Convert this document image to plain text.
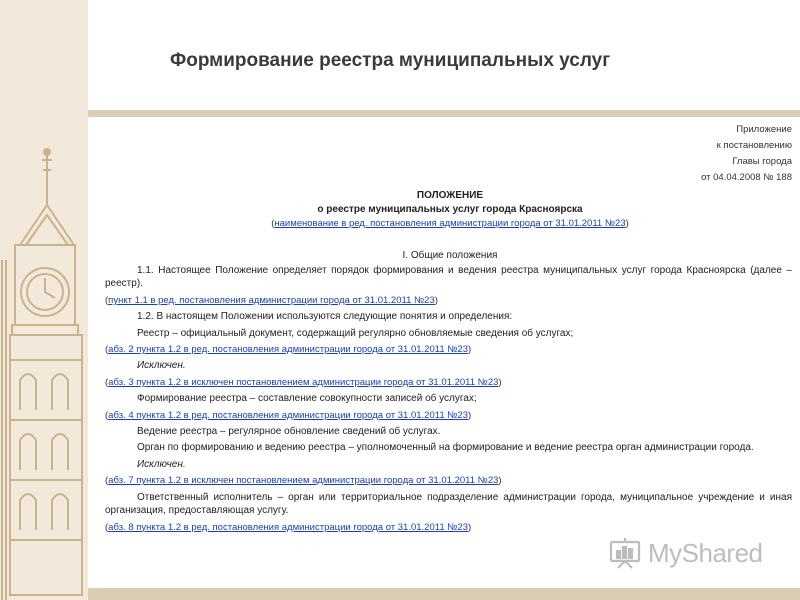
Формирование реестра муниципальных услуг
Приложение
к постановлению
Главы города
от 04.04.2008 № 188
ПОЛОЖЕНИЕ
о реестре муниципальных услуг города Красноярска
(наименование в ред. постановления администрации города от 31.01.2011 №23)
I. Общие положения
1.1. Настоящее Положение определяет порядок формирования и ведения реестра муниципальных услуг города Красноярска (далее – реестр).
(пункт 1.1 в ред. постановления администрации города от 31.01.2011 №23)
1.2. В настоящем Положении используются следующие понятия и определения:
Реестр – официальный документ, содержащий регулярно обновляемые сведения об услугах;
(абз. 2 пункта 1.2 в ред. постановления администрации города от 31.01.2011 №23)
Исключен.
(абз. 3 пункта 1.2 в исключен постановлением администрации города от 31.01.2011 №23)
Формирование реестра – составление совокупности записей об услугах;
(абз. 4 пункта 1.2 в ред. постановления администрации города от 31.01.2011 №23)
Ведение реестра – регулярное обновление сведений об услугах.
Орган по формированию и ведению реестра – уполномоченный на формирование и ведение реестра орган администрации города.
Исключен.
(абз. 7 пункта 1.2 в исключен постановлением администрации города от 31.01.2011 №23)
Ответственный исполнитель – орган или территориальное подразделение администрации города, муниципальное учреждение и иная организация, предоставляющая услугу.
(абз. 8 пункта 1.2 в ред. постановления администрации города от 31.01.2011 №23)
MyShared
